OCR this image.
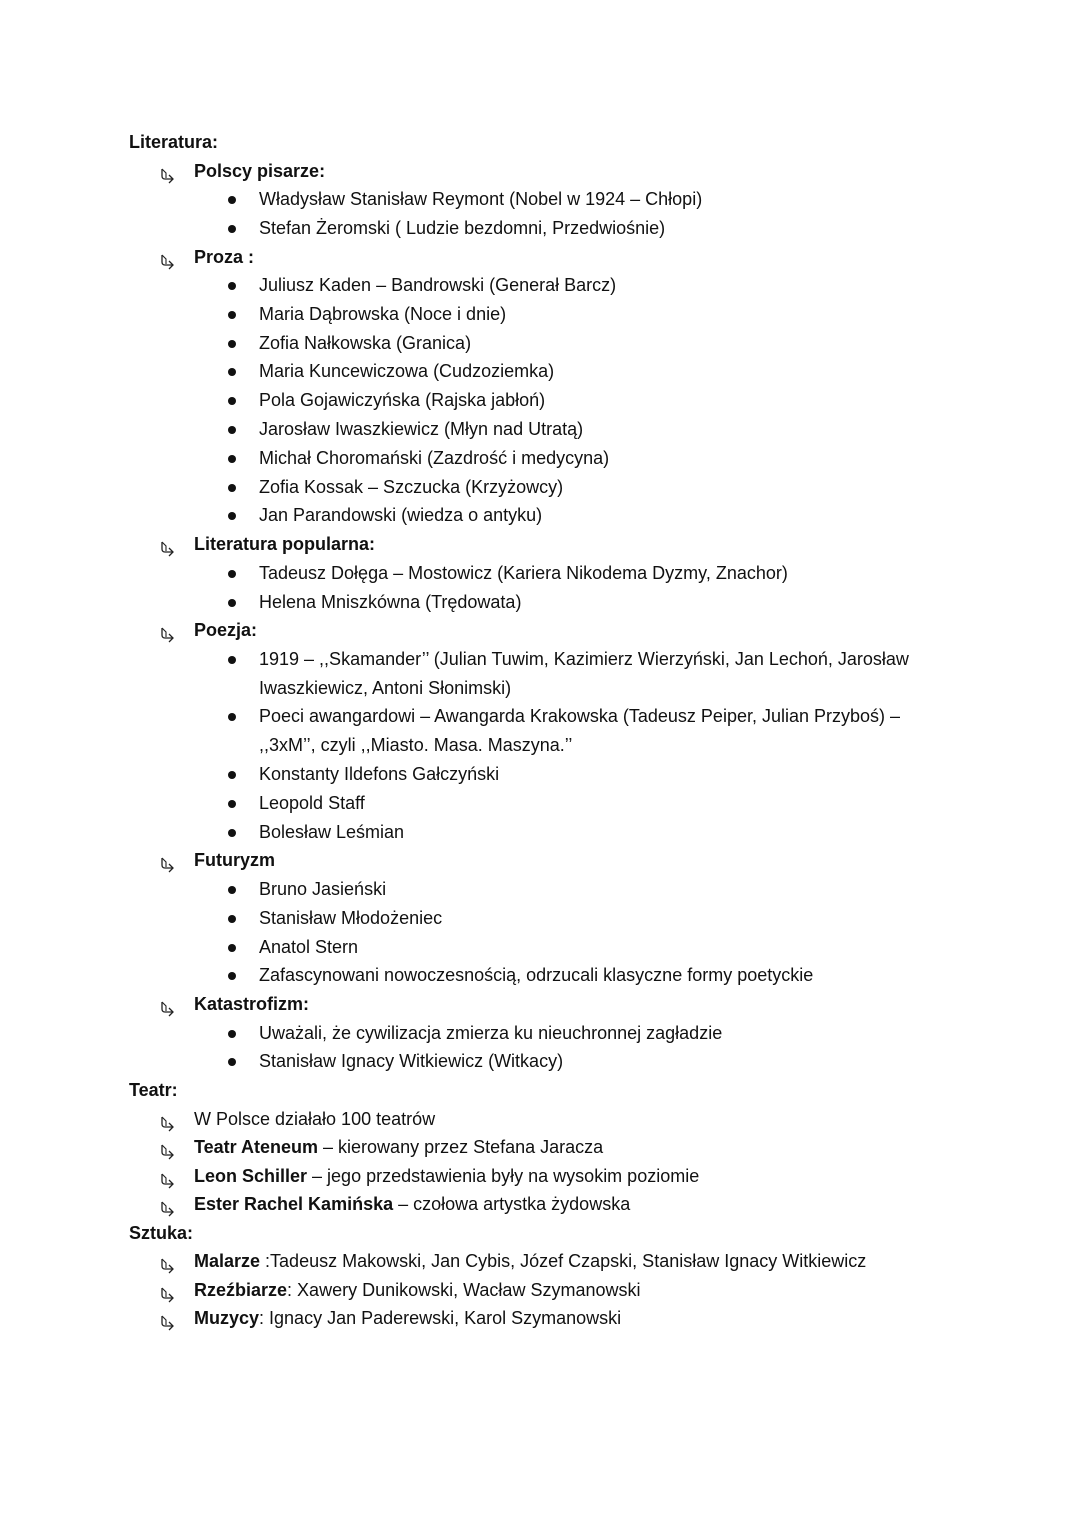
Literatura:
Polscy pisarze:
Władysław Stanisław Reymont (Nobel w 1924 – Chłopi)
Stefan Żeromski ( Ludzie bezdomni, Przedwiośnie)
Proza :
Juliusz Kaden – Bandrowski (Generał Barcz)
Maria Dąbrowska (Noce i dnie)
Zofia Nałkowska (Granica)
Maria Kuncewiczowa (Cudzoziemka)
Pola Gojawiczyńska (Rajska jabłoń)
Jarosław Iwaszkiewicz (Młyn nad Utratą)
Michał Choromański (Zazdrość i medycyna)
Zofia Kossak – Szczucka (Krzyżowcy)
Jan Parandowski (wiedza o antyku)
Literatura popularna:
Tadeusz Dołęga – Mostowicz (Kariera Nikodema Dyzmy, Znachor)
Helena Mniszkówna (Trędowata)
Poezja:
1919 – ,,Skamander’’ (Julian Tuwim, Kazimierz Wierzyński, Jan Lechoń, Jarosław Iwaszkiewicz, Antoni Słonimski)
Poeci awangardowi – Awangarda Krakowska (Tadeusz Peiper, Julian Przyboś) – ,,3xM’’, czyli ,,Miasto. Masa. Maszyna.’’
Konstanty Ildefons Gałczyński
Leopold Staff
Bolesław Leśmian
Futuryzm
Bruno Jasieński
Stanisław Młodożeniec
Anatol Stern
Zafascynowani nowoczesnością, odrzucali klasyczne formy poetyckie
Katastrofizm:
Uważali, że cywilizacja zmierza ku nieuchronnej zagładzie
Stanisław Ignacy Witkiewicz (Witkacy)
Teatr:
W Polsce działało 100 teatrów
Teatr Ateneum – kierowany przez Stefana Jaracza
Leon Schiller – jego przedstawienia były na wysokim poziomie
Ester Rachel Kamińska – czołowa artystka żydowska
Sztuka:
Malarze :Tadeusz Makowski, Jan Cybis, Józef Czapski, Stanisław Ignacy Witkiewicz
Rzeźbiarze: Xawery Dunikowski, Wacław Szymanowski
Muzycy: Ignacy Jan Paderewski, Karol Szymanowski
